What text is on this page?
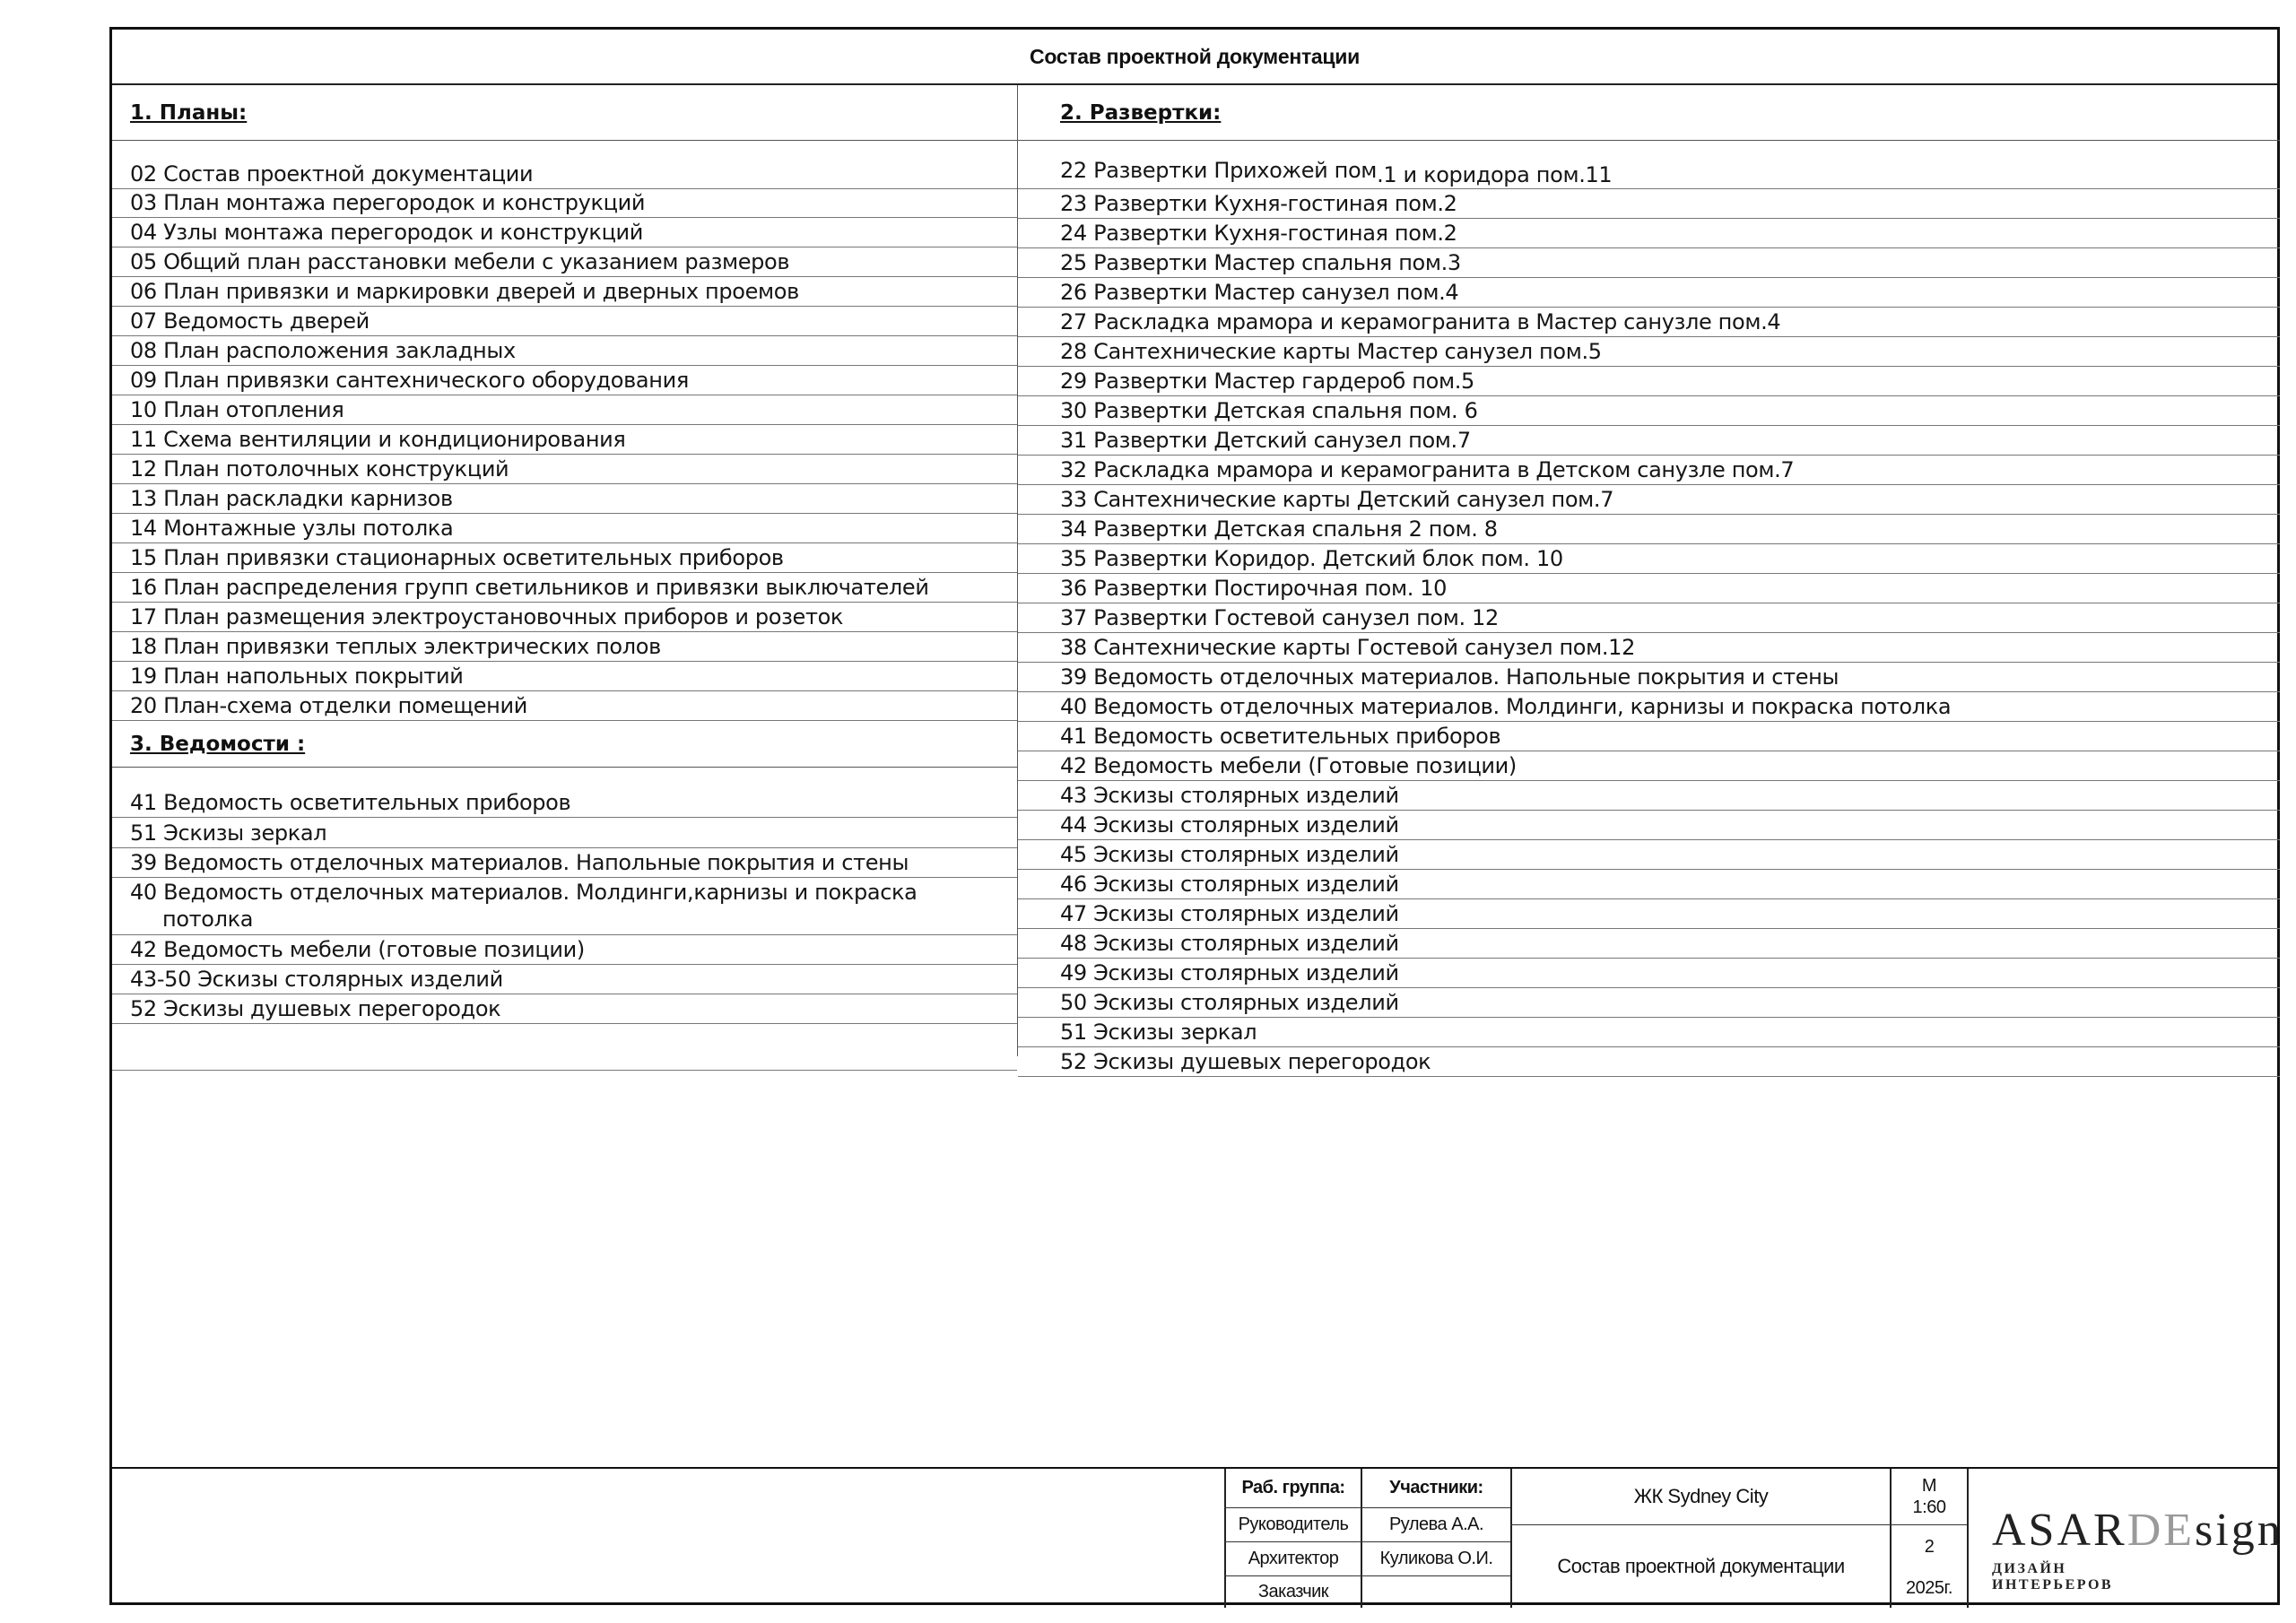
Состав проектной документации
1. Планы:
02 Состав проектной документации
03 План монтажа перегородок и конструкций
04 Узлы монтажа перегородок и конструкций
05 Общий план расстановки мебели с указанием размеров
06 План привязки и маркировки дверей и дверных проемов
07 Ведомость дверей
08 План расположения закладных
09 План привязки сантехнического оборудования
10 План отопления
11 Схема вентиляции и кондиционирования
12 План потолочных конструкций
13 План раскладки карнизов
14 Монтажные узлы потолка
15 План привязки стационарных осветительных приборов
16 План распределения групп светильников и привязки выключателей
17 План размещения электроустановочных приборов и розеток
18 План привязки теплых электрических полов
19 План напольных покрытий
20 План-схема отделки помещений
3. Ведомости :
41 Ведомость осветительных приборов
51 Эскизы зеркал
39 Ведомость отделочных материалов. Напольные покрытия и стены
40 Ведомость отделочных материалов. Молдинги,карнизы и покраска
потолка
42 Ведомость мебели (готовые позиции)
43-50 Эскизы столярных изделий
52 Эскизы душевых перегородок
2. Развертки:
22 Развертки Прихожей пом .1 и коридора пом.11
23 Развертки Кухня-гостиная пом.2
24 Развертки Кухня-гостиная пом.2
25 Развертки Мастер спальня пом.3
26 Развертки Мастер санузел пом.4
27 Раскладка мрамора и керамогранита в Мастер санузле пом.4
28 Сантехнические карты Мастер санузел пом.5
29 Развертки Мастер гардероб пом.5
30 Развертки Детская спальня пом. 6
31 Развертки Детский санузел пом.7
32 Раскладка мрамора и керамогранита в Детском санузле пом.7
33 Сантехнические карты Детский санузел пом.7
34 Развертки Детская спальня 2 пом. 8
35 Развертки Коридор. Детский блок пом. 10
36 Развертки Постирочная пом. 10
37 Развертки Гостевой санузел пом. 12
38 Сантехнические карты Гостевой санузел пом.12
39 Ведомость отделочных материалов. Напольные покрытия и стены
40 Ведомость отделочных материалов. Молдинги, карнизы и покраска потолка
41 Ведомость осветительных приборов
42 Ведомость мебели (Готовые позиции)
43 Эскизы столярных изделий
44 Эскизы столярных изделий
45 Эскизы столярных изделий
46 Эскизы столярных изделий
47 Эскизы столярных изделий
48 Эскизы столярных изделий
49 Эскизы столярных изделий
50 Эскизы столярных изделий
51 Эскизы зеркал
52 Эскизы душевых перегородок
Раб. группа:	Участники:
Руководитель	Рулева А.А.
Архитектор	Куликова О.И.
Заказчик
ЖК Sydney City
Состав проектной документации
М
1:60
2
2025г.
ASARDEsign
ДИЗАЙН ИНТЕРЬЕРОВ
